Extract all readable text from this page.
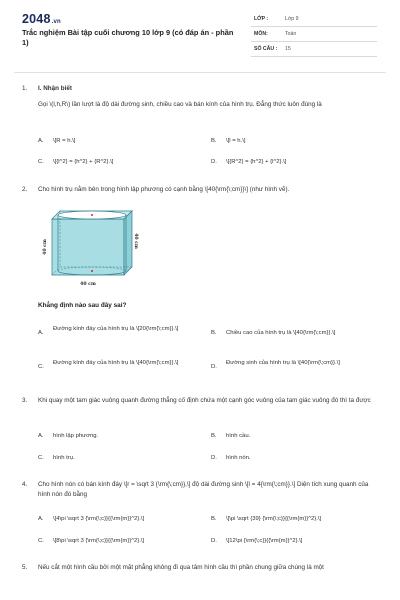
2048.vn
Trắc nghiệm Bài tập cuối chương 10 lớp 9 (có đáp án - phần 1)
LỚP :	Lớp 9
MÔN:	Toán
SỐ CÂU : 15
1. I. Nhận biết
Gọi \(l,h,R\) lần lượt là độ dài đường sinh, chiều cao và bán kính của hình trụ. Đẳng thức luôn đúng là
A. \[R = h.\]	B. \[l = h.\]
C. \[{l^2} = {h^2} + {R^2}.\]	D. \[{R^2} = {h^2} + {l^2}.\]
2. Cho hình trụ nằm bên trong hình lập phương có cạnh bằng \[40{\rm{\;cm}}\] (như hình vẽ).
40 cm	40 cm
40 cm
Khẳng định nào sau đây sai?
A.
Đường kính đáy của hình trụ là \[20{\rm{\;cm}}.\]
B. Chiều cao của hình trụ là \[40{\rm{\;cm}}.\]
C.
Đường kính đáy của hình trụ là \[40{\rm{\;cm}}.\]
D.
Đường sinh của hình trụ là \[40{\rm{\;cm}}.\]
3. Khi quay một tam giác vuông quanh đường thẳng cố định chứa một cạnh góc vuông của tam giác vuông đó thì ta được
A. hình lập phương.	B. hình cầu.
C. hình trụ.	D. hình nón.
4. Cho hình nón có bán kính đáy \[r = \sqrt 3 {\rm{\;cm}},\] độ dài đường sinh \[l = 4{\rm{\;cm}}.\] Diện tích xung quanh của hình nón đó bằng
A. \[4\pi \sqrt 3 {\rm{\;c}}{{\rm{m}}^2}.\]	B. \[\pi \sqrt {39} {\rm{\;c}}{{\rm{m}}^2}.\]
C. \[8\pi \sqrt 3 {\rm{\;c}}{{\rm{m}}^2}.\]	D. \[12\pi {\rm{\;c}}{{\rm{m}}^2}.\]
5. Nếu cắt một hình cầu bởi một mặt phẳng không đi qua tâm hình cầu thì phần chung giữa chúng là một
